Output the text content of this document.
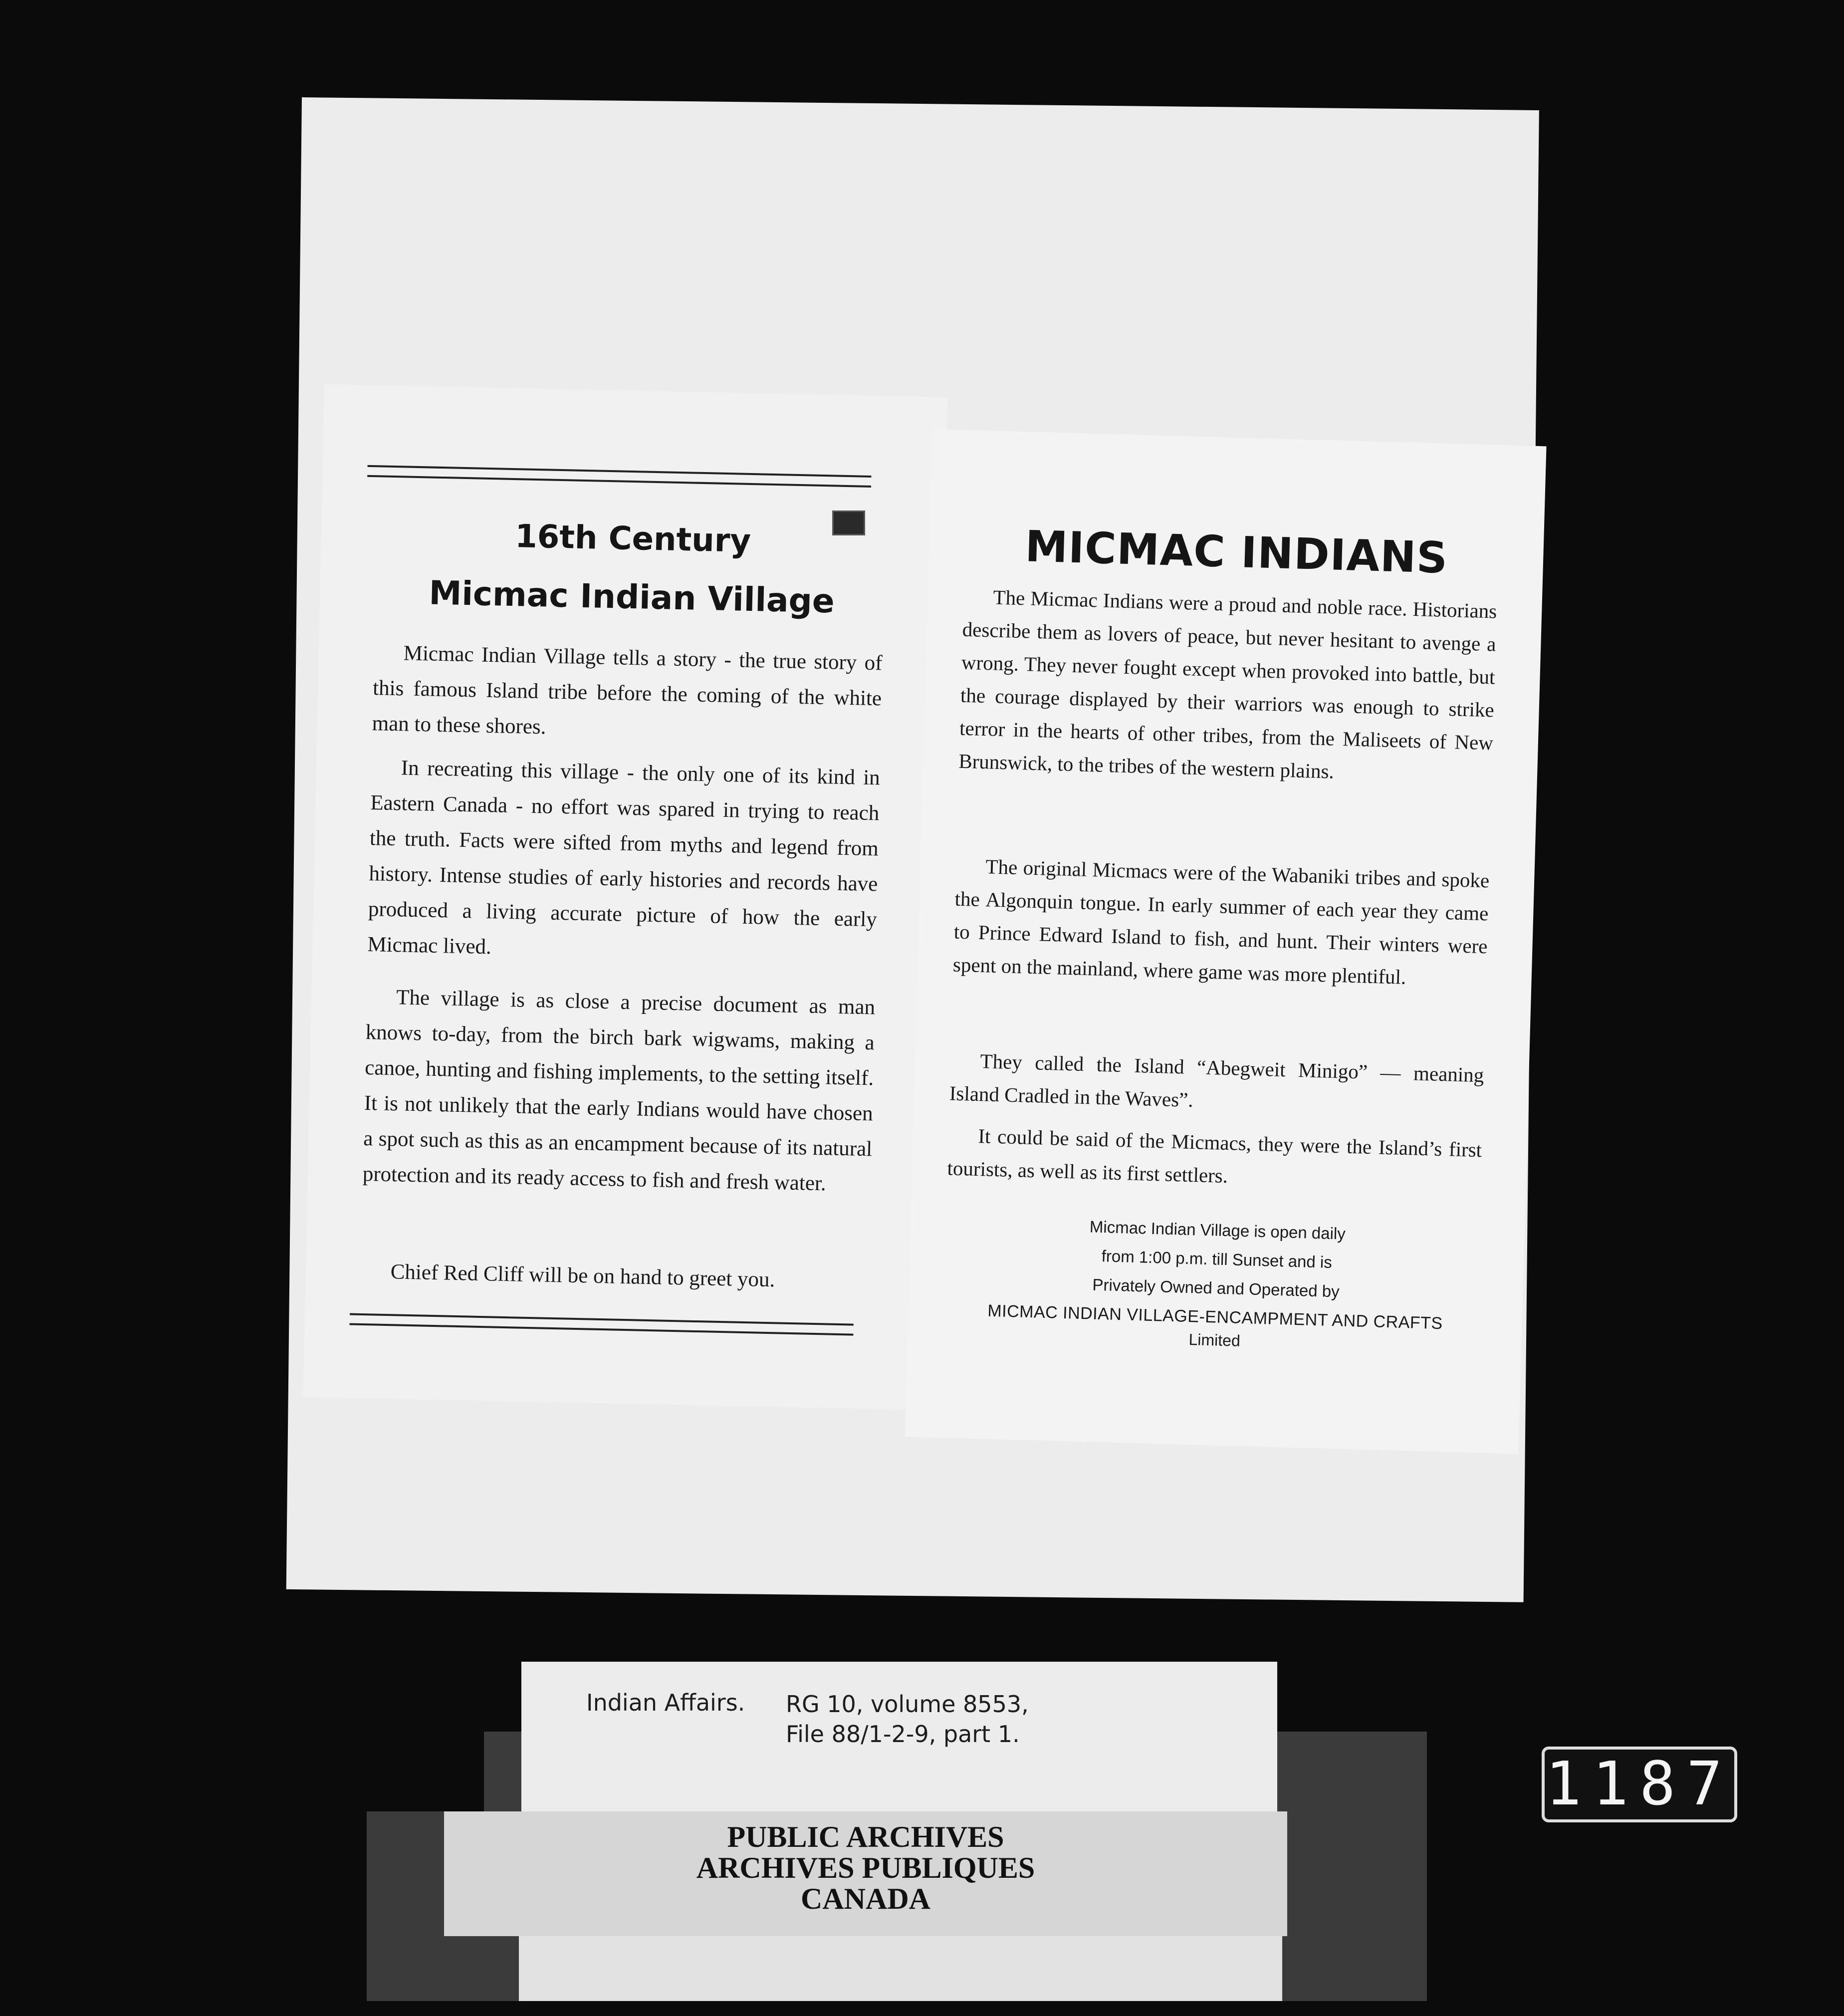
16th Century
Micmac Indian Village

Micmac Indian Village tells a story - the true story of this famous Island tribe before the coming of the white man to these shores.

In recreating this village - the only one of its kind in Eastern Canada - no effort was spared in trying to reach the truth. Facts were sifted from myths and legend from history. Intense studies of early histories and records have produced a living accurate picture of how the early Micmac lived.

The village is as close a precise document as man knows to-day, from the birch bark wigwams, making a canoe, hunting and fishing implements, to the setting itself. It is not unlikely that the early Indians would have chosen a spot such as this as an encampment because of its natural protection and its ready access to fish and fresh water.

Chief Red Cliff will be on hand to greet you.

MICMAC INDIANS

The Micmac Indians were a proud and noble race. Historians describe them as lovers of peace, but never hesitant to avenge a wrong. They never fought except when provoked into battle, but the courage displayed by their warriors was enough to strike terror in the hearts of other tribes, from the Maliseets of New Brunswick, to the tribes of the western plains.

The original Micmacs were of the Wabaniki tribes and spoke the Algonquin tongue. In early summer of each year they came to Prince Edward Island to fish, and hunt. Their winters were spent on the mainland, where game was more plentiful.

They called the Island “Abegweit Minigo” — meaning Island Cradled in the Waves”.

It could be said of the Micmacs, they were the Island’s first tourists, as well as its first settlers.

Micmac Indian Village is open daily
from 1:00 p.m. till Sunset and is
Privately Owned and Operated by
MICMAC INDIAN VILLAGE-ENCAMPMENT AND CRAFTS
Limited
Indian Affairs. RG 10, volume 8553,
File 88/1-2-9, part 1.
PUBLIC ARCHIVES
ARCHIVES PUBLIQUES
CANADA
1187
